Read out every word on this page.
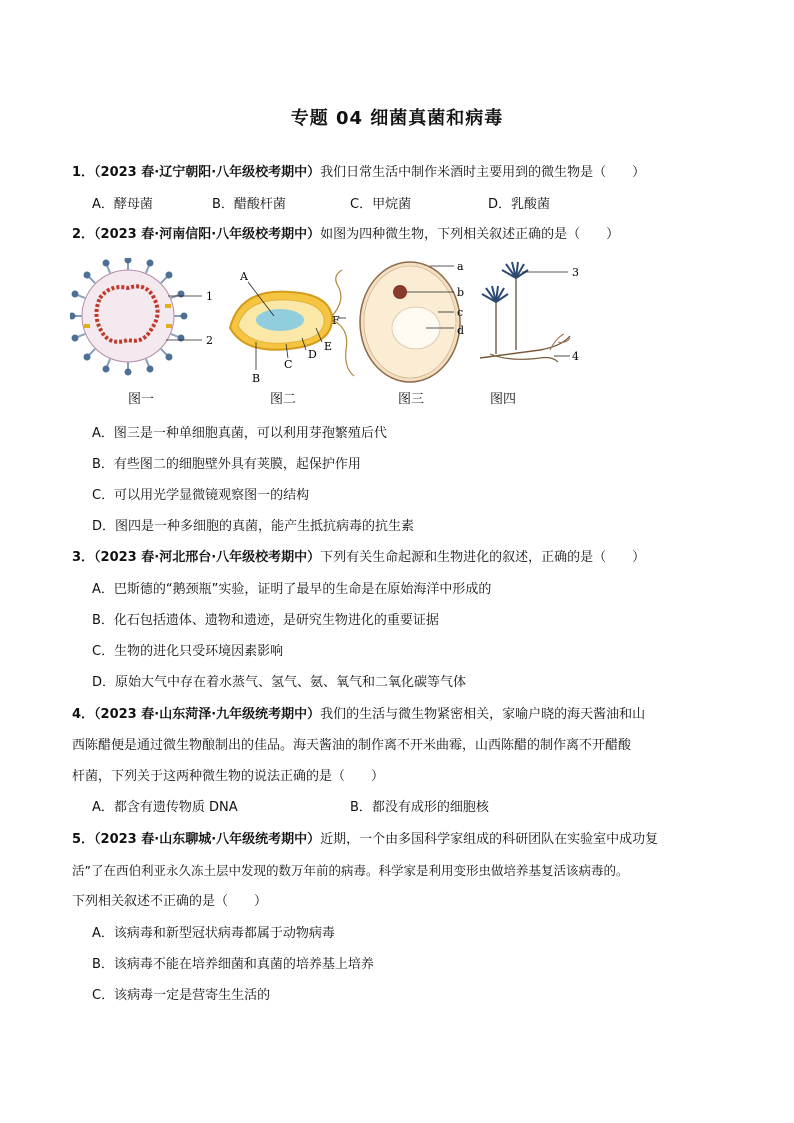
专题 04 细菌真菌和病毒
1．（2023 春·辽宁朝阳·八年级校考期中）我们日常生活中制作米酒时主要用到的微生物是（　　）
A．酵母菌	B．醋酸杆菌	C．甲烷菌	D．乳酸菌
2．（2023 春·河南信阳·八年级校考期中）如图为四种微生物，下列相关叙述正确的是（　　）
1
2
A
B
C
D
E
F
a
b
c
d
3
4
图一	图二	图三	图四
A．图三是一种单细胞真菌，可以利用芽孢繁殖后代
B．有些图二的细胞壁外具有荚膜，起保护作用
C．可以用光学显微镜观察图一的结构
D．图四是一种多细胞的真菌，能产生抵抗病毒的抗生素
3．（2023 春·河北邢台·八年级校考期中）下列有关生命起源和生物进化的叙述，正确的是（　　）
A．巴斯德的“鹅颈瓶”实验，证明了最早的生命是在原始海洋中形成的
B．化石包括遗体、遗物和遗迹，是研究生物进化的重要证据
C．生物的进化只受环境因素影响
D．原始大气中存在着水蒸气、氢气、氨、氧气和二氧化碳等气体
4．（2023 春·山东菏泽·九年级统考期中）我们的生活与微生物紧密相关，家喻户晓的海天酱油和山
西陈醋便是通过微生物酿制出的佳品。海天酱油的制作离不开米曲霉，山西陈醋的制作离不开醋酸
杆菌，下列关于这两种微生物的说法正确的是（　　）
A．都含有遗传物质 DNA	B．都没有成形的细胞核
5．（2023 春·山东聊城·八年级统考期中）近期，一个由多国科学家组成的科研团队在实验室中成功复
活”了在西伯利亚永久冻土层中发现的数万年前的病毒。科学家是利用变形虫做培养基复活该病毒的。
下列相关叙述不正确的是（　　）
A．该病毒和新型冠状病毒都属于动物病毒
B．该病毒不能在培养细菌和真菌的培养基上培养
C．该病毒一定是营寄生生活的
